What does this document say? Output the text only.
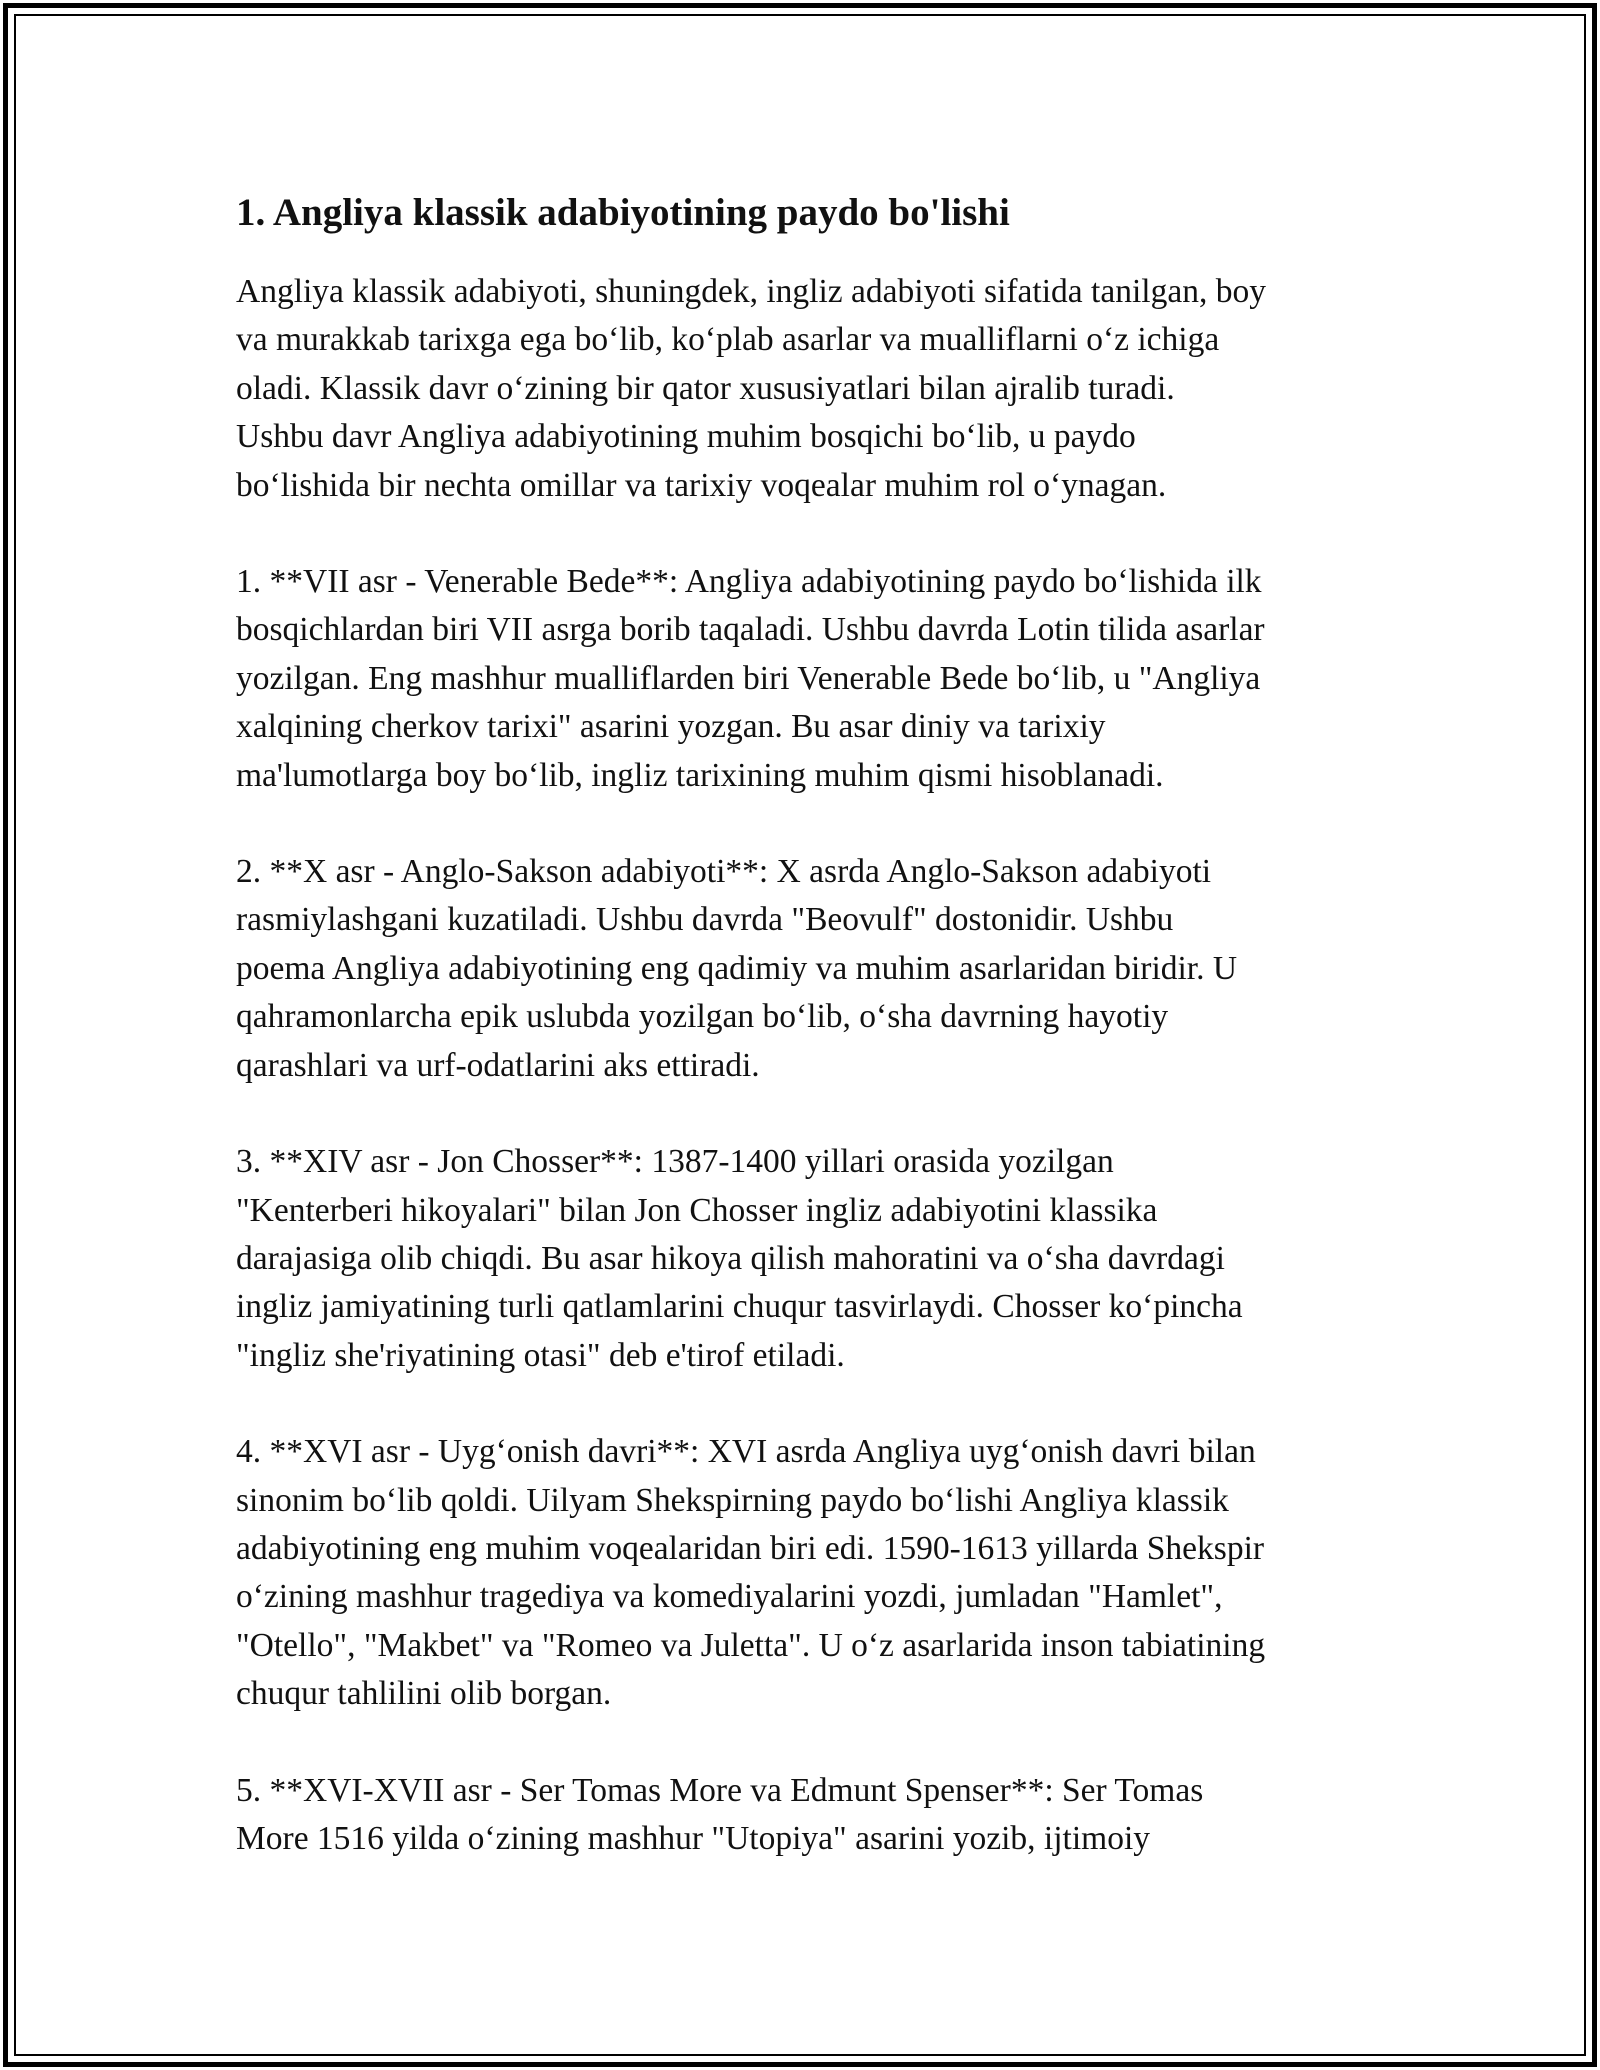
1. Angliya klassik adabiyotining paydo bo'lishi

Angliya klassik adabiyoti, shuningdek, ingliz adabiyoti sifatida tanilgan, boy
va murakkab tarixga ega bo‘lib, ko‘plab asarlar va mualliflarni o‘z ichiga
oladi. Klassik davr o‘zining bir qator xususiyatlari bilan ajralib turadi.
Ushbu davr Angliya adabiyotining muhim bosqichi bo‘lib, u paydo
bo‘lishida bir nechta omillar va tarixiy voqealar muhim rol o‘ynagan.

1. **VII asr - Venerable Bede**: Angliya adabiyotining paydo bo‘lishida ilk
bosqichlardan biri VII asrga borib taqaladi. Ushbu davrda Lotin tilida asarlar
yozilgan. Eng mashhur mualliflarden biri Venerable Bede bo‘lib, u "Angliya
xalqining cherkov tarixi" asarini yozgan. Bu asar diniy va tarixiy
ma'lumotlarga boy bo‘lib, ingliz tarixining muhim qismi hisoblanadi.

2. **X asr - Anglo-Sakson adabiyoti**: X asrda Anglo-Sakson adabiyoti
rasmiylashgani kuzatiladi. Ushbu davrda "Beovulf" dostonidir. Ushbu
poema Angliya adabiyotining eng qadimiy va muhim asarlaridan biridir. U
qahramonlarcha epik uslubda yozilgan bo‘lib, o‘sha davrning hayotiy
qarashlari va urf-odatlarini aks ettiradi.

3. **XIV asr - Jon Chosser**: 1387-1400 yillari orasida yozilgan
"Kenterberi hikoyalari" bilan Jon Chosser ingliz adabiyotini klassika
darajasiga olib chiqdi. Bu asar hikoya qilish mahoratini va o‘sha davrdagi
ingliz jamiyatining turli qatlamlarini chuqur tasvirlaydi. Chosser ko‘pincha
"ingliz she'riyatining otasi" deb e'tirof etiladi.

4. **XVI asr - Uyg‘onish davri**: XVI asrda Angliya uyg‘onish davri bilan
sinonim bo‘lib qoldi. Uilyam Shekspirning paydo bo‘lishi Angliya klassik
adabiyotining eng muhim voqealaridan biri edi. 1590-1613 yillarda Shekspir
o‘zining mashhur tragediya va komediyalarini yozdi, jumladan "Hamlet",
"Otello", "Makbet" va "Romeo va Juletta". U o‘z asarlarida inson tabiatining
chuqur tahlilini olib borgan.

5. **XVI-XVII asr - Ser Tomas More va Edmunt Spenser**: Ser Tomas
More 1516 yilda o‘zining mashhur "Utopiya" asarini yozib, ijtimoiy
